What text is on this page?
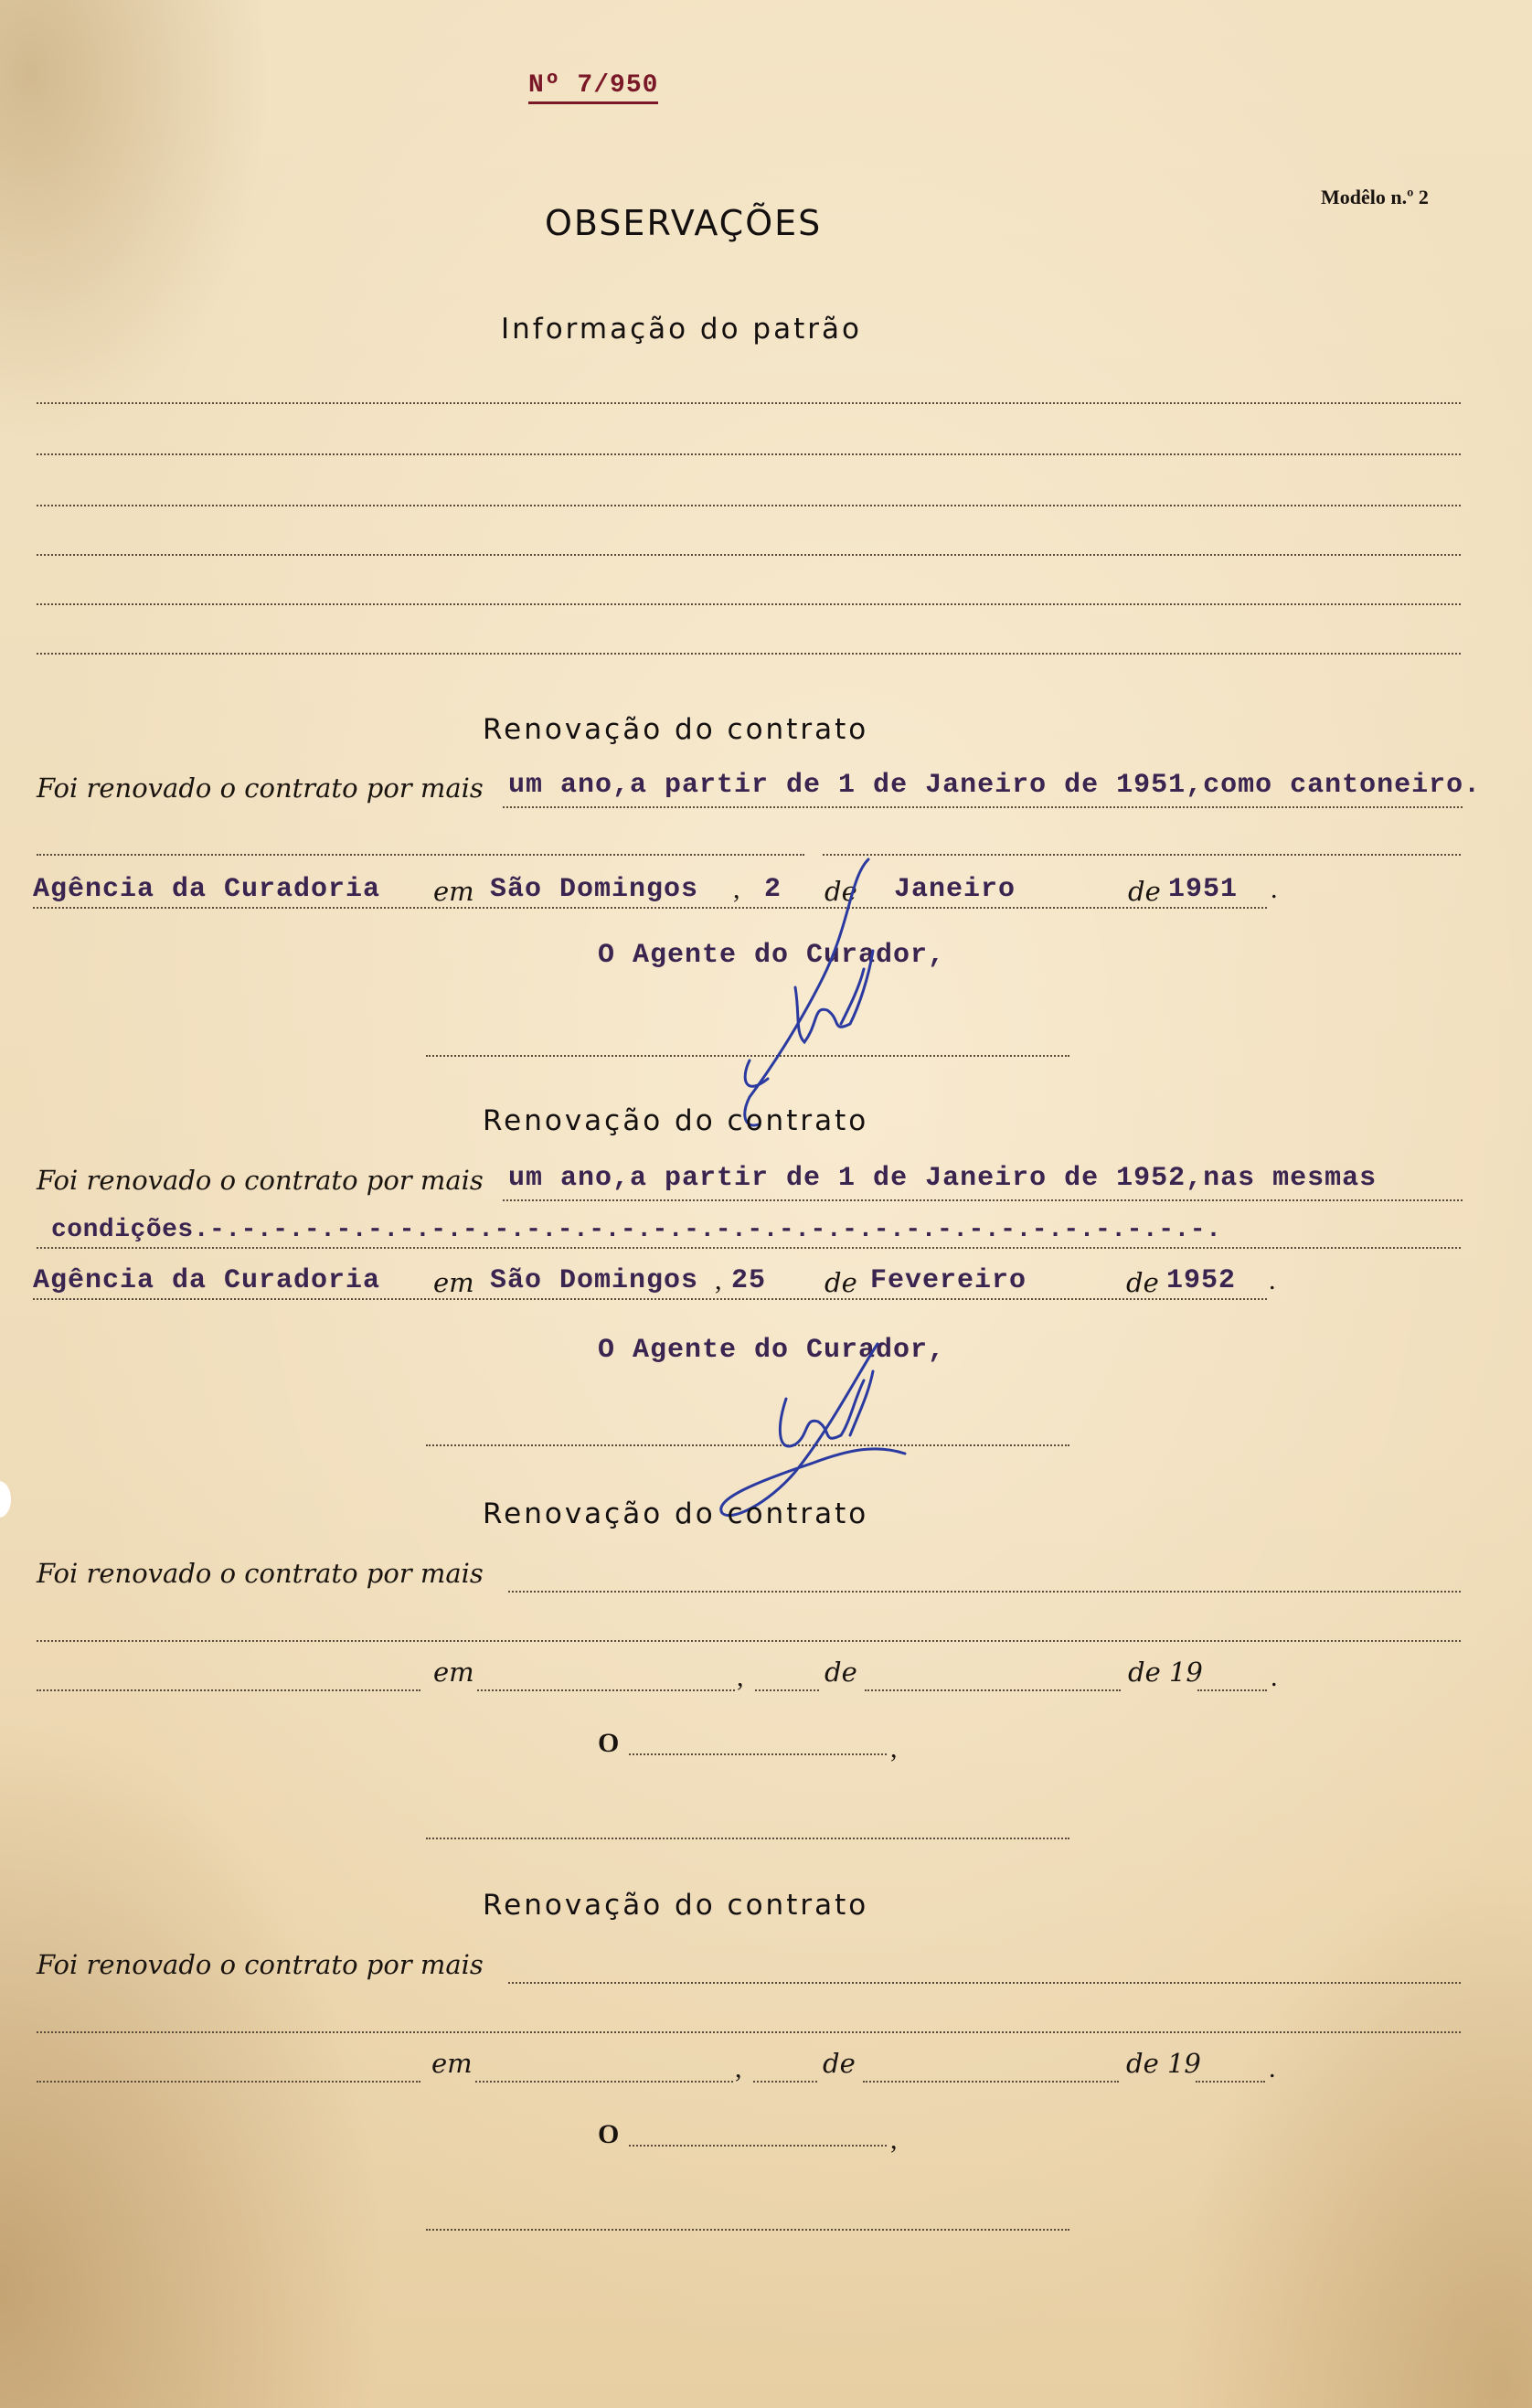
Nº 7/950
OBSERVAÇÕES
Modêlo n.º 2
Informação do patrão
Renovação do contrato
Foi renovado o contrato por mais um ano,a partir de 1 de Janeiro de 1951,como cantoneiro.
Agência da Curadoria em São Domingos , 2 de Janeiro	de 1951 .
O Agente do Curador,
Renovação do contrato
Foi renovado o contrato por mais um ano,a partir de 1 de Janeiro de 1952,nas mesmas
condições.-.-.-.-.-.-.-.-.-.-.-.-.-.-.-.-.-.-.-.-.-.-.-.-.-.-.-.-.-.-.-.-.
Agência da Curadoria em São Domingos , 25 de Fevereiro	de 1952 .
O Agente do Curador,
Renovação do contrato
Foi renovado o contrato por mais
em	,	de	de 19 .
O	,
Renovação do contrato
Foi renovado o contrato por mais
em	,	de	de 19 .
O	,
